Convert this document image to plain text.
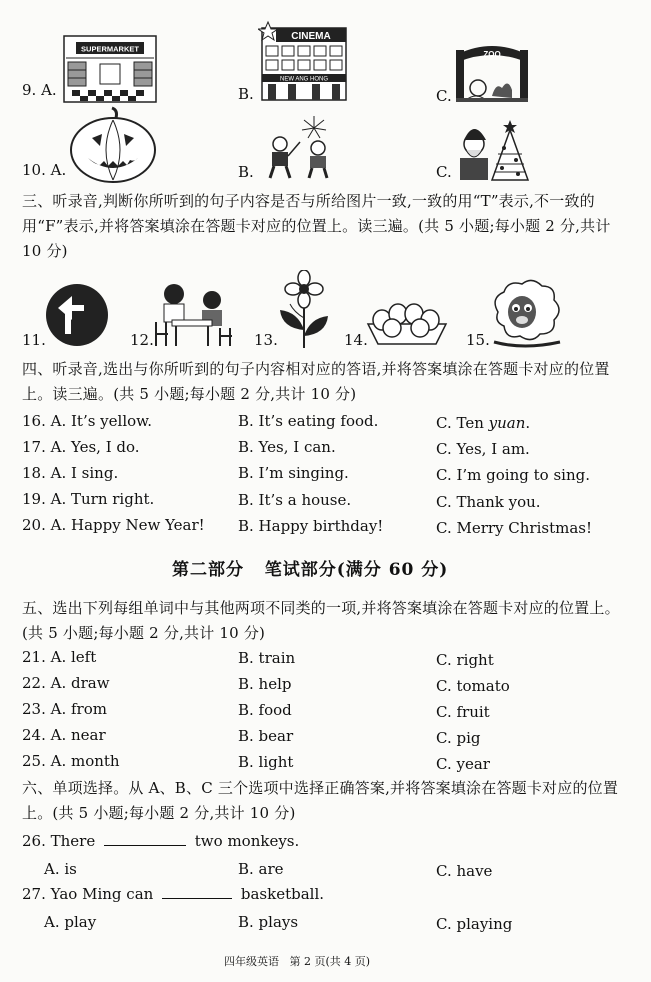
SUPERMARKET
9. A.
CINEMA
NEW ANG HONG
B.
ZOO
C.
10. A.	B.	C.
三、听录音,判断你所听到的句子内容是否与所给图片一致,一致的用“T”表示,不一致的用“F”表示,并将答案填涂在答题卡对应的位置上。读三遍。(共 5 小题;每小题 2 分,共计 10 分)
11.	12.	13.	14.	15.
四、听录音,选出与你所听到的句子内容相对应的答语,并将答案填涂在答题卡对应的位置上。读三遍。(共 5 小题;每小题 2 分,共计 10 分)
16. A. It’s yellow.	B. It’s eating food.	C. Ten yuan.
17. A. Yes, I do.	B. Yes, I can.	C. Yes, I am.
18. A. I sing.	B. I’m singing.	C. I’m going to sing.
19. A. Turn right.	B. It’s a house.	C. Thank you.
20. A. Happy New Year! B. Happy birthday!	C. Merry Christmas!
第二部分   笔试部分(满分 60 分)
五、选出下列每组单词中与其他两项不同类的一项,并将答案填涂在答题卡对应的位置上。(共 5 小题;每小题 2 分,共计 10 分)
21. A. left	B. train	C. right
22. A. draw	B. help	C. tomato
23. A. from	B. food	C. fruit
24. A. near	B. bear	C. pig
25. A. month	B. light	C. year
六、单项选择。从 A、B、C 三个选项中选择正确答案,并将答案填涂在答题卡对应的位置上。(共 5 小题;每小题 2 分,共计 10 分)
26. There	two monkeys.
A. is	B. are	C. have
27. Yao Ming can	basketball.
A. play	B. plays	C. playing
四年级英语   第 2 页(共 4 页)
